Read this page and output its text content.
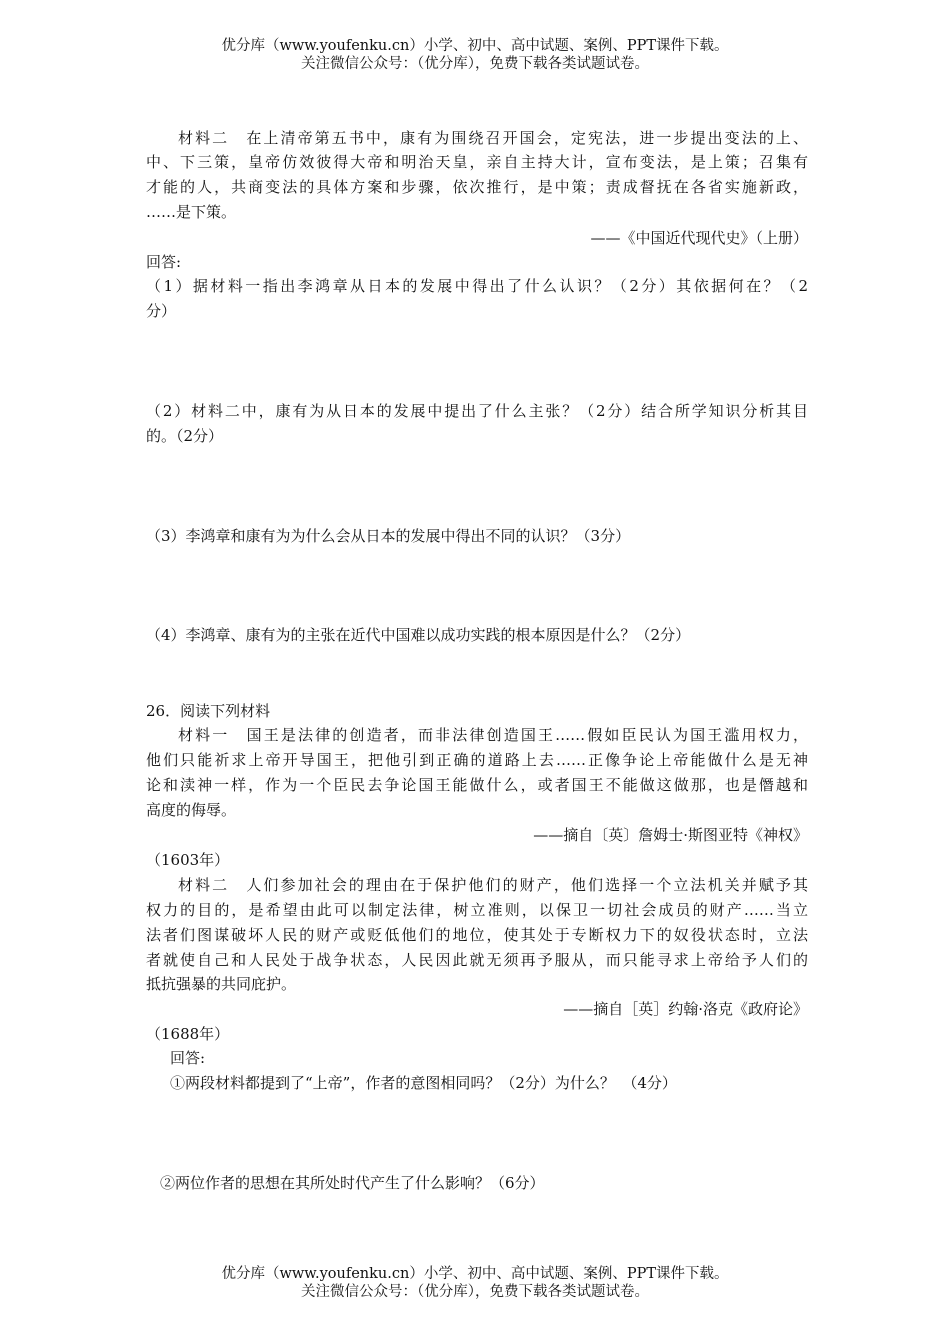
优分库（www.youfenku.cn）小学、初中、高中试题、案例、PPT课件下载。
关注微信公众号：（优分库），免费下载各类试题试卷。
材料二　在上清帝第五书中，康有为围绕召开国会，定宪法，进一步提出变法的上、
中、下三策，皇帝仿效彼得大帝和明治天皇，亲自主持大计，宣布变法，是上策；召集有
才能的人，共商变法的具体方案和步骤，依次推行，是中策；责成督抚在各省实施新政，
……是下策。
——《中国近代现代史》（上册）
回答:
（1）据材料一指出李鸿章从日本的发展中得出了什么认识？（2分）其依据何在？（2
分）
（2）材料二中，康有为从日本的发展中提出了什么主张？（2分）结合所学知识分析其目
的。（2分）
（3）李鸿章和康有为为什么会从日本的发展中得出不同的认识？（3分）
（4）李鸿章、康有为的主张在近代中国难以成功实践的根本原因是什么？（2分）
26．阅读下列材料
材料一　国王是法律的创造者，而非法律创造国王……假如臣民认为国王滥用权力，
他们只能祈求上帝开导国王，把他引到正确的道路上去……正像争论上帝能做什么是无神
论和渎神一样，作为一个臣民去争论国王能做什么，或者国王不能做这做那，也是僭越和
高度的侮辱。
——摘自〔英〕詹姆士·斯图亚特《神权》
（1603年）
材料二　人们参加社会的理由在于保护他们的财产，他们选择一个立法机关并赋予其
权力的目的，是希望由此可以制定法律，树立准则，以保卫一切社会成员的财产……当立
法者们图谋破坏人民的财产或贬低他们的地位，使其处于专断权力下的奴役状态时，立法
者就使自己和人民处于战争状态，人民因此就无须再予服从，而只能寻求上帝给予人们的
抵抗强暴的共同庇护。
——摘自［英］约翰·洛克《政府论》
（1688年）
回答:
①两段材料都提到了“上帝”，作者的意图相同吗？（2分）为什么？　（4分）
②两位作者的思想在其所处时代产生了什么影响？（6分）
优分库（www.youfenku.cn）小学、初中、高中试题、案例、PPT课件下载。
关注微信公众号：（优分库），免费下载各类试题试卷。
